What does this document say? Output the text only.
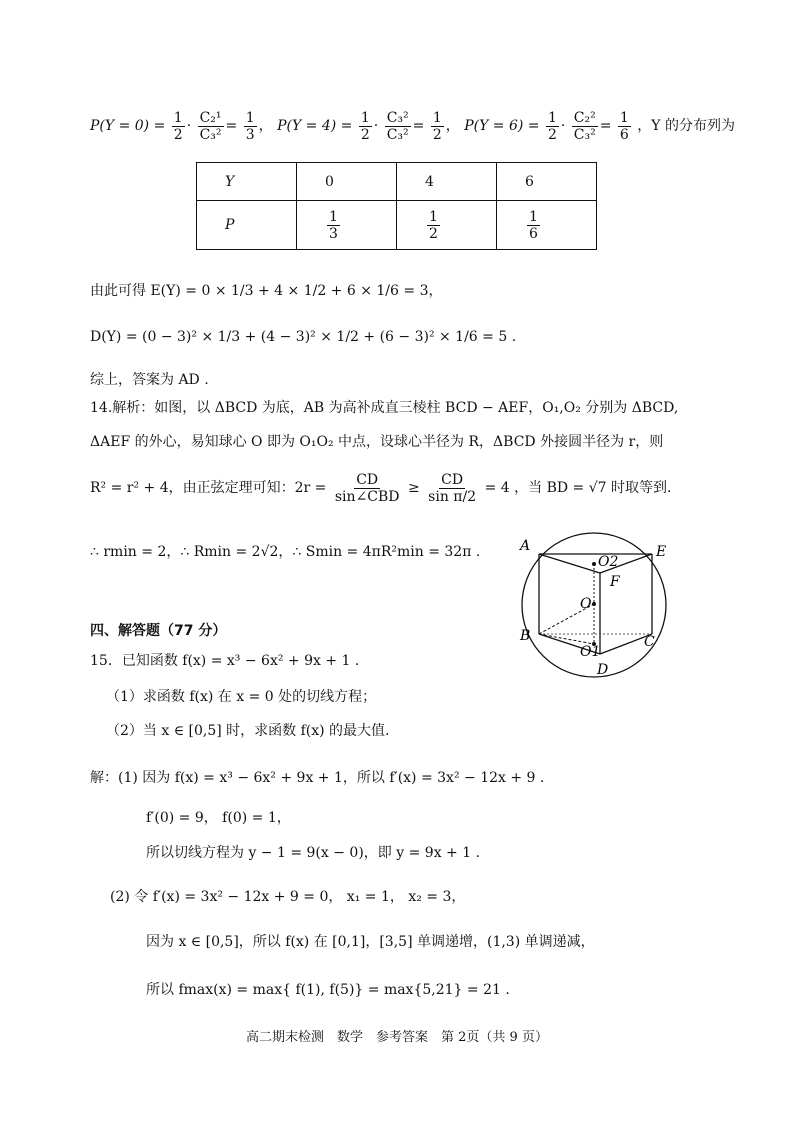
$P(Y = 0) = \frac{1}{2} \cdot \frac{\text{C₂¹}}{\text{C₃²}} = \frac{1}{3}$ ， $P(Y = 4) = \frac{1}{2} \cdot \frac{\text{C₃²}}{\text{C₃²}} = \frac{1}{2}$ ， $P(Y = 6) = \frac{1}{2} \cdot \frac{\text{C₂²}}{\text{C₃²}} = \frac{1}{6}$ ，Y 的分布列为
Y	0	4	6
P	$\frac{1}{3}$	$\frac{1}{2}$	$\frac{1}{6}$
由此可得 E(Y) = 0 × 1/3 + 4 × 1/2 + 6 × 1/6 = 3，
D(Y) = (0 − 3)² × 1/3 + (4 − 3)² × 1/2 + (6 − 3)² × 1/6 = 5 .
综上，答案为 AD .
14.解析：如图，以 ΔBCD 为底，AB 为高补成直三棱柱 BCD − AEF，O₁,O₂ 分别为 ΔBCD,
ΔAEF 的外心，易知球心 O 即为 O₁O₂ 中点，设球心半径为 R，ΔBCD 外接圆半径为 r，则
R² = r² + 4，由正弦定理可知：2r =
CD
sin∠CBD
≥ $\frac{CD}{\text{sin π/2}} = 4$ ，当 BD = √7 时取等到.
∴ rmin = 2，∴ Rmin = 2√2，∴ Smin = 4πR²min = 32π .	A	E
O2
F
O
B	C
O1
D
四、解答题（77 分）
15．已知函数 f(x) = x³ − 6x² + 9x + 1 .
（1）求函数 f(x) 在 x = 0 处的切线方程；
（2）当 x ∈ [0,5] 时，求函数 f(x) 的最大值.
解：(1) 因为 f(x) = x³ − 6x² + 9x + 1，所以 f′(x) = 3x² − 12x + 9 .
f′(0) = 9， f(0) = 1，
所以切线方程为 y − 1 = 9(x − 0)，即 y = 9x + 1 .
(2) 令 f′(x) = 3x² − 12x + 9 = 0， x₁ = 1， x₂ = 3，
因为 x ∈ [0,5]，所以 f(x) 在 [0,1]，[3,5] 单调递增，(1,3) 单调递减，
所以 fmax(x) = max{ f(1), f(5)} = max{5,21} = 21 .
高二期末检测　数学　参考答案　第 2页（共 9 页）
